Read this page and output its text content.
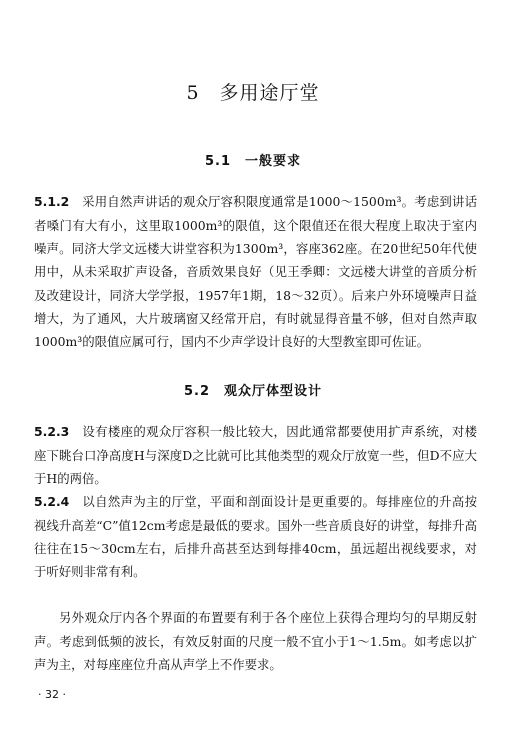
5　多用途厅堂
5.1　一般要求

5.1.2　 采用自然声讲话的观众厅容积限度通常是1000～1500m³。考虑到讲话者嗓门有大有小，这里取1000m³的限值，这个限值还在很大程度上取决于室内噪声。同济大学文远楼大讲堂容积为1300m³，容座362座。在20世纪50年代使用中，从未采取扩声设备，音质效果良好（见王季卿：文远楼大讲堂的音质分析及改建设计，同济大学学报，1957年1期，18～32页）。后来户外环境噪声日益增大，为了通风，大片玻璃窗又经常开启，有时就显得音量不够，但对自然声取1000m³的限值应属可行，国内不少声学设计良好的大型教室即可佐证。

5.2　观众厅体型设计

5.2.3　 设有楼座的观众厅容积一般比较大，因此通常都要使用扩声系统，对楼座下眺台口净高度H与深度D之比就可比其他类型的观众厅放宽一些，但D不应大于H的两倍。

5.2.4　 以自然声为主的厅堂，平面和剖面设计是更重要的。每排座位的升高按视线升高差“C”值12cm考虑是最低的要求。国外一些音质良好的讲堂，每排升高往往在15～30cm左右，后排升高甚至达到每排40cm，虽远超出视线要求，对于听好则非常有利。

另外观众厅内各个界面的布置要有利于各个座位上获得合理均匀的早期反射声。考虑到低频的波长，有效反射面的尺度一般不宜小于1～1.5m。如考虑以扩声为主，对每座座位升高从声学上不作要求。

· 32 ·
